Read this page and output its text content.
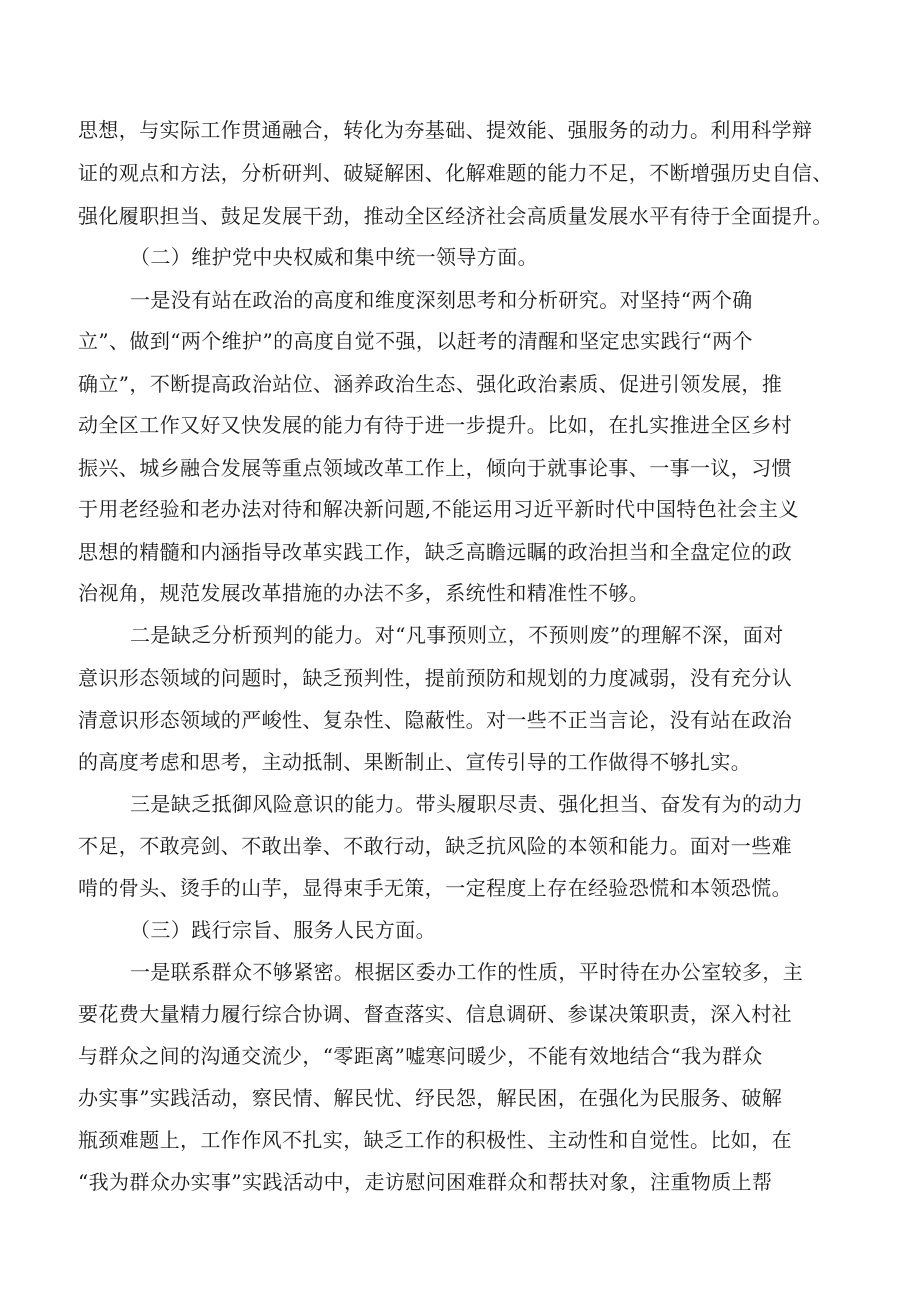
思想，与实际工作贯通融合，转化为夯基础、提效能、强服务的动力。利用科学辩
证的观点和方法，分析研判、破疑解困、化解难题的能力不足，不断增强历史自信、
强化履职担当、鼓足发展干劲，推动全区经济社会高质量发展水平有待于全面提升。
（二）维护党中央权威和集中统一领导方面。
一是没有站在政治的高度和维度深刻思考和分析研究。对坚持“两个确
立”、做到“两个维护”的高度自觉不强，以赶考的清醒和坚定忠实践行“两个
确立”，不断提高政治站位、涵养政治生态、强化政治素质、促进引领发展，推
动全区工作又好又快发展的能力有待于进一步提升。比如，在扎实推进全区乡村
振兴、城乡融合发展等重点领域改革工作上，倾向于就事论事、一事一议，习惯
于用老经验和老办法对待和解决新问题,不能运用习近平新时代中国特色社会主义
思想的精髓和内涵指导改革实践工作，缺乏高瞻远瞩的政治担当和全盘定位的政
治视角，规范发展改革措施的办法不多，系统性和精准性不够。
二是缺乏分析预判的能力。对“凡事预则立，不预则废”的理解不深，面对
意识形态领域的问题时，缺乏预判性，提前预防和规划的力度减弱，没有充分认
清意识形态领域的严峻性、复杂性、隐蔽性。对一些不正当言论，没有站在政治
的高度考虑和思考，主动抵制、果断制止、宣传引导的工作做得不够扎实。
三是缺乏抵御风险意识的能力。带头履职尽责、强化担当、奋发有为的动力
不足，不敢亮剑、不敢出拳、不敢行动，缺乏抗风险的本领和能力。面对一些难
啃的骨头、烫手的山芋，显得束手无策，一定程度上存在经验恐慌和本领恐慌。
（三）践行宗旨、服务人民方面。
一是联系群众不够紧密。根据区委办工作的性质，平时待在办公室较多，主
要花费大量精力履行综合协调、督查落实、信息调研、参谋决策职责，深入村社
与群众之间的沟通交流少，“零距离”嘘寒问暖少，不能有效地结合“我为群众
办实事”实践活动，察民情、解民忧、纾民怨，解民困，在强化为民服务、破解
瓶颈难题上，工作作风不扎实，缺乏工作的积极性、主动性和自觉性。比如，在
“我为群众办实事”实践活动中，走访慰问困难群众和帮扶对象，注重物质上帮
